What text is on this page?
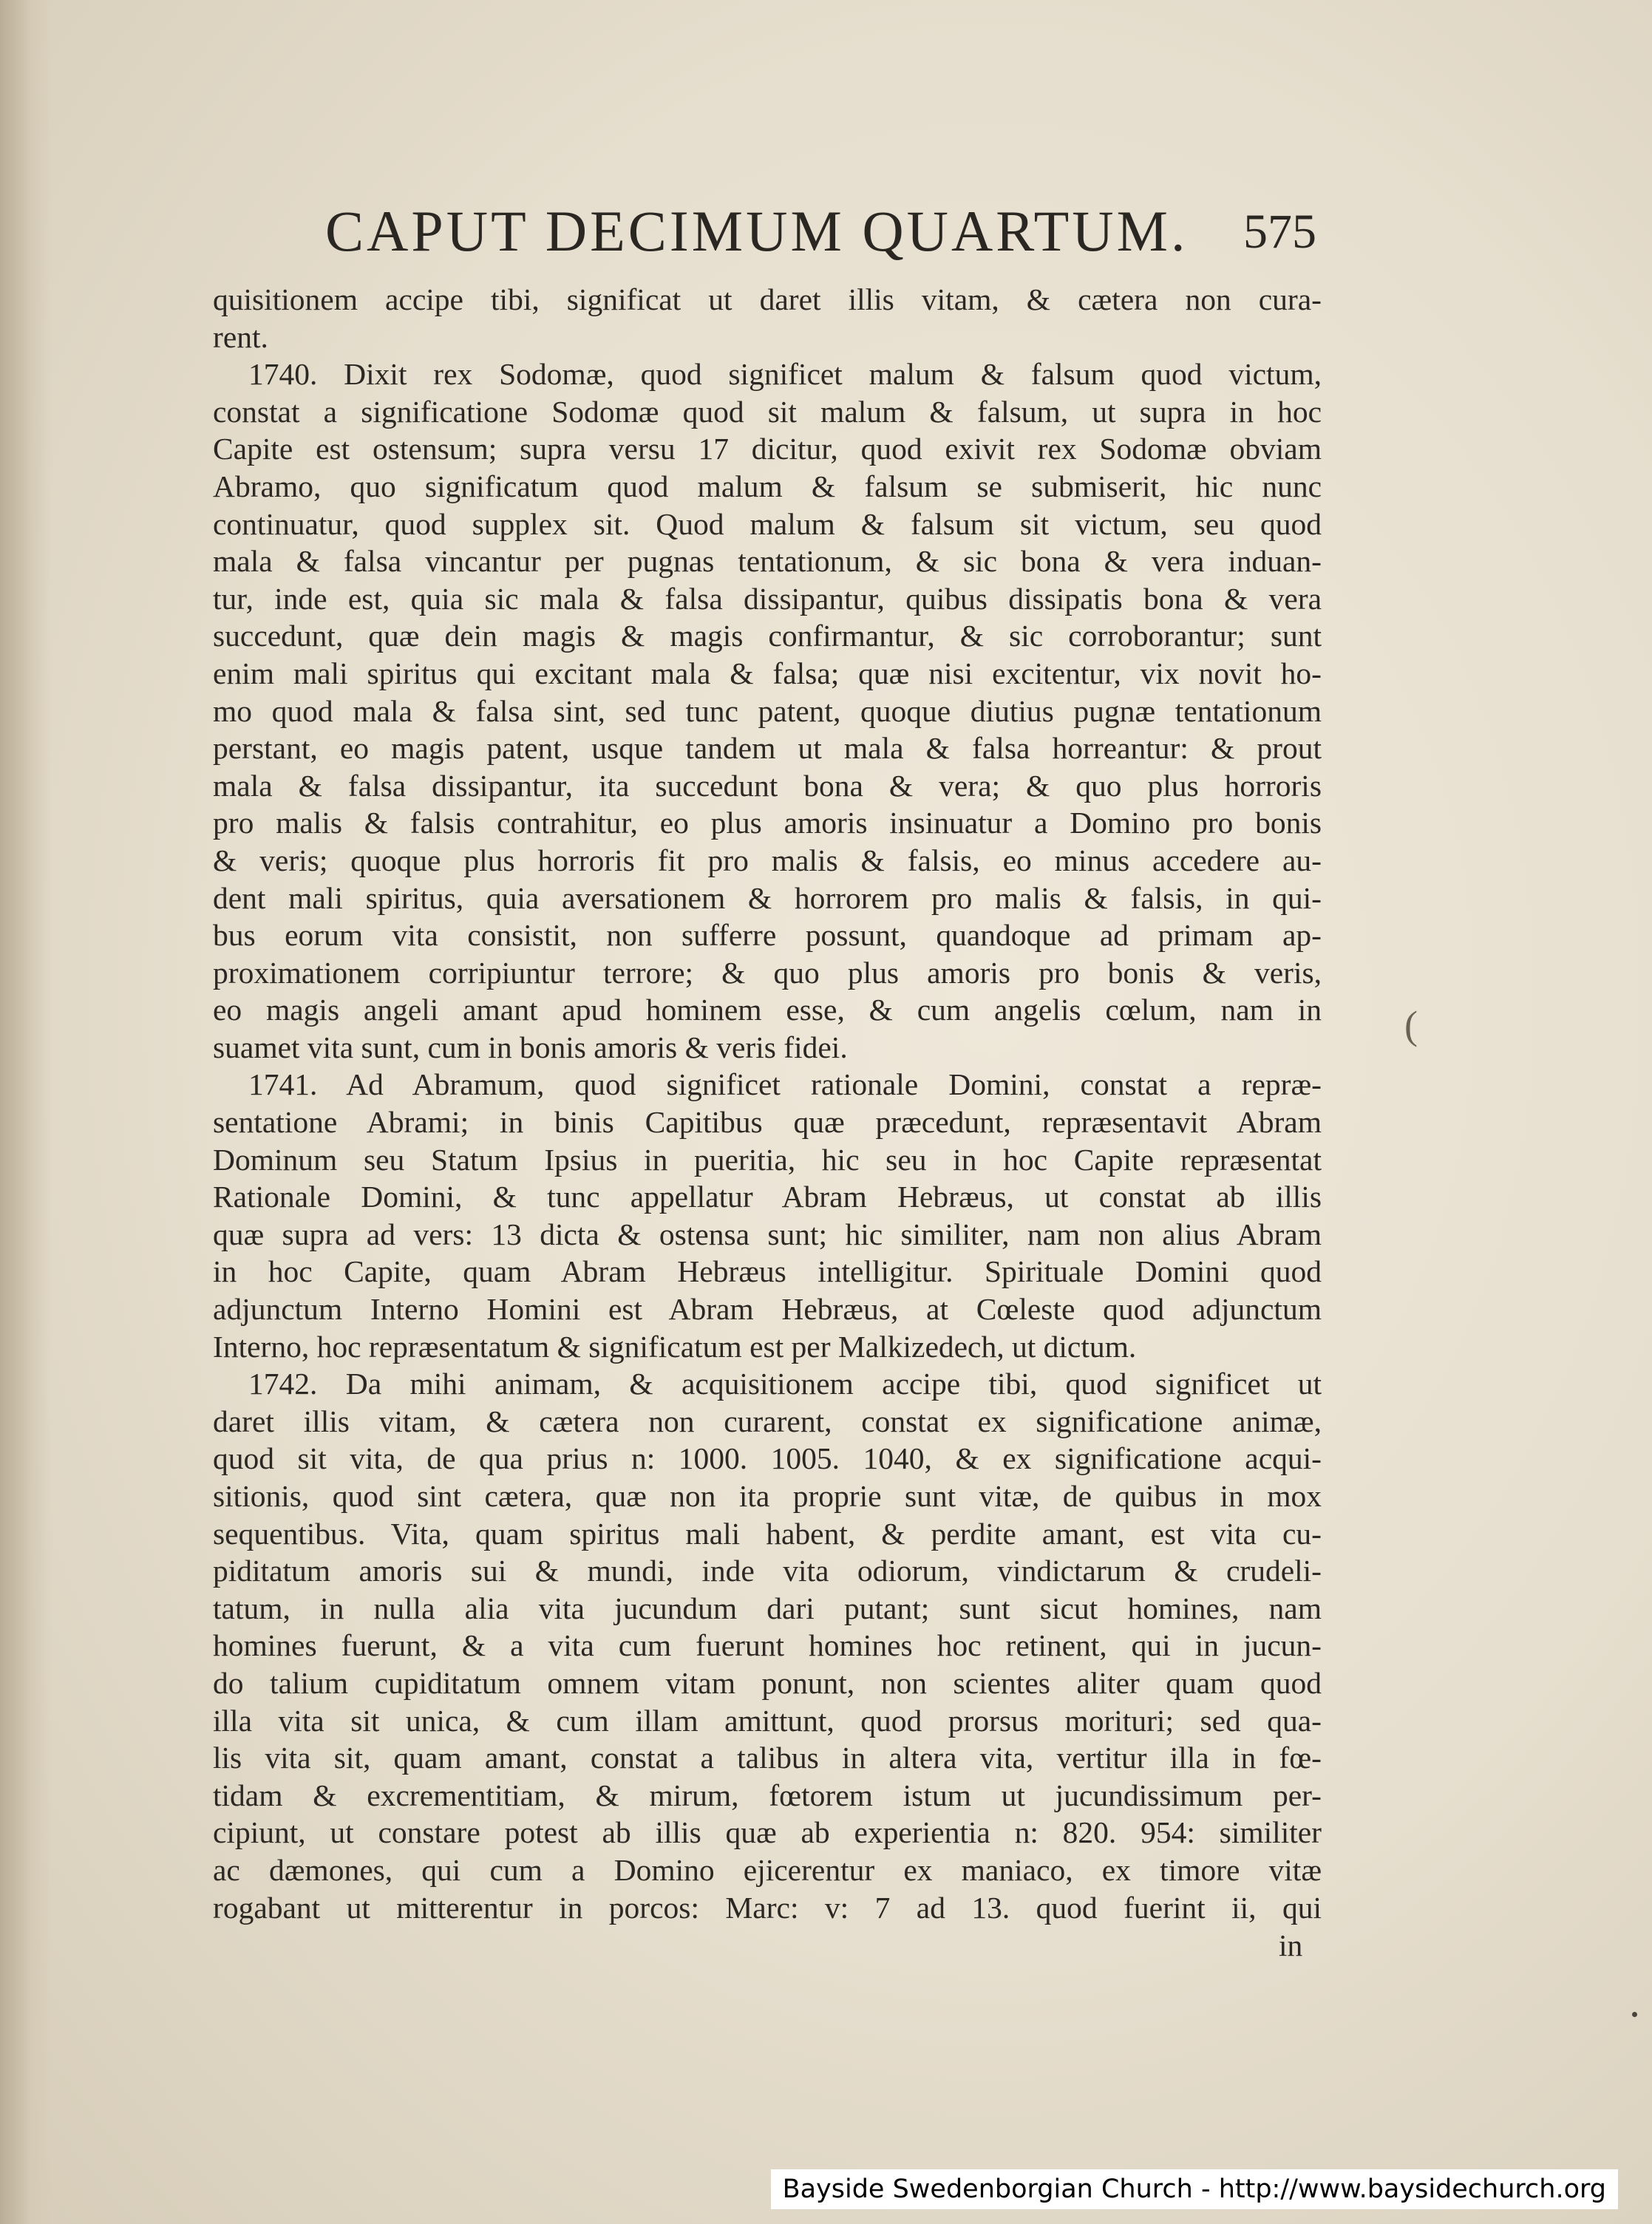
CAPUT DECIMUM QUARTUM. 575
quisitionem accipe tibi, significat ut daret illis vitam, & cætera non cura-
rent.
1740. Dixit rex Sodomæ, quod significet malum & falsum quod victum,
constat a significatione Sodomæ quod sit malum & falsum, ut supra in hoc
Capite est ostensum; supra versu 17 dicitur, quod exivit rex Sodomæ obviam
Abramo, quo significatum quod malum & falsum se submiserit, hic nunc
continuatur, quod supplex sit. Quod malum & falsum sit victum, seu quod
mala & falsa vincantur per pugnas tentationum, & sic bona & vera induan-
tur, inde est, quia sic mala & falsa dissipantur, quibus dissipatis bona & vera
succedunt, quæ dein magis & magis confirmantur, & sic corroborantur; sunt
enim mali spiritus qui excitant mala & falsa; quæ nisi excitentur, vix novit ho-
mo quod mala & falsa sint, sed tunc patent, quoque diutius pugnæ tentationum
perstant, eo magis patent, usque tandem ut mala & falsa horreantur: & prout
mala & falsa dissipantur, ita succedunt bona & vera; & quo plus horroris
pro malis & falsis contrahitur, eo plus amoris insinuatur a Domino pro bonis
& veris; quoque plus horroris fit pro malis & falsis, eo minus accedere au-
dent mali spiritus, quia aversationem & horrorem pro malis & falsis, in qui-
bus eorum vita consistit, non sufferre possunt, quandoque ad primam ap-
proximationem corripiuntur terrore; & quo plus amoris pro bonis & veris,
eo magis angeli amant apud hominem esse, & cum angelis cœlum, nam in
suamet vita sunt, cum in bonis amoris & veris fidei.
1741. Ad Abramum, quod significet rationale Domini, constat a repræ-
sentatione Abrami; in binis Capitibus quæ præcedunt, repræsentavit Abram
Dominum seu Statum Ipsius in pueritia, hic seu in hoc Capite repræsentat
Rationale Domini, & tunc appellatur Abram Hebræus, ut constat ab illis
quæ supra ad vers: 13 dicta & ostensa sunt; hic similiter, nam non alius Abram
in hoc Capite, quam Abram Hebræus intelligitur. Spirituale Domini quod
adjunctum Interno Homini est Abram Hebræus, at Cœleste quod adjunctum
Interno, hoc repræsentatum & significatum est per Malkizedech, ut dictum.
1742. Da mihi animam, & acquisitionem accipe tibi, quod significet ut
daret illis vitam, & cætera non curarent, constat ex significatione animæ,
quod sit vita, de qua prius n: 1000. 1005. 1040, & ex significatione acqui-
sitionis, quod sint cætera, quæ non ita proprie sunt vitæ, de quibus in mox
sequentibus. Vita, quam spiritus mali habent, & perdite amant, est vita cu-
piditatum amoris sui & mundi, inde vita odiorum, vindictarum & crudeli-
tatum, in nulla alia vita jucundum dari putant; sunt sicut homines, nam
homines fuerunt, & a vita cum fuerunt homines hoc retinent, qui in jucun-
do talium cupiditatum omnem vitam ponunt, non scientes aliter quam quod
illa vita sit unica, & cum illam amittunt, quod prorsus morituri; sed qua-
lis vita sit, quam amant, constat a talibus in altera vita, vertitur illa in fœ-
tidam & excrementitiam, & mirum, fœtorem istum ut jucundissimum per-
cipiunt, ut constare potest ab illis quæ ab experientia n: 820. 954: similiter
ac dæmones, qui cum a Domino ejicerentur ex maniaco, ex timore vitæ
rogabant ut mitterentur in porcos: Marc: v: 7 ad 13. quod fuerint ii, qui
in
(
Bayside Swedenborgian Church - http://www.baysidechurch.org
